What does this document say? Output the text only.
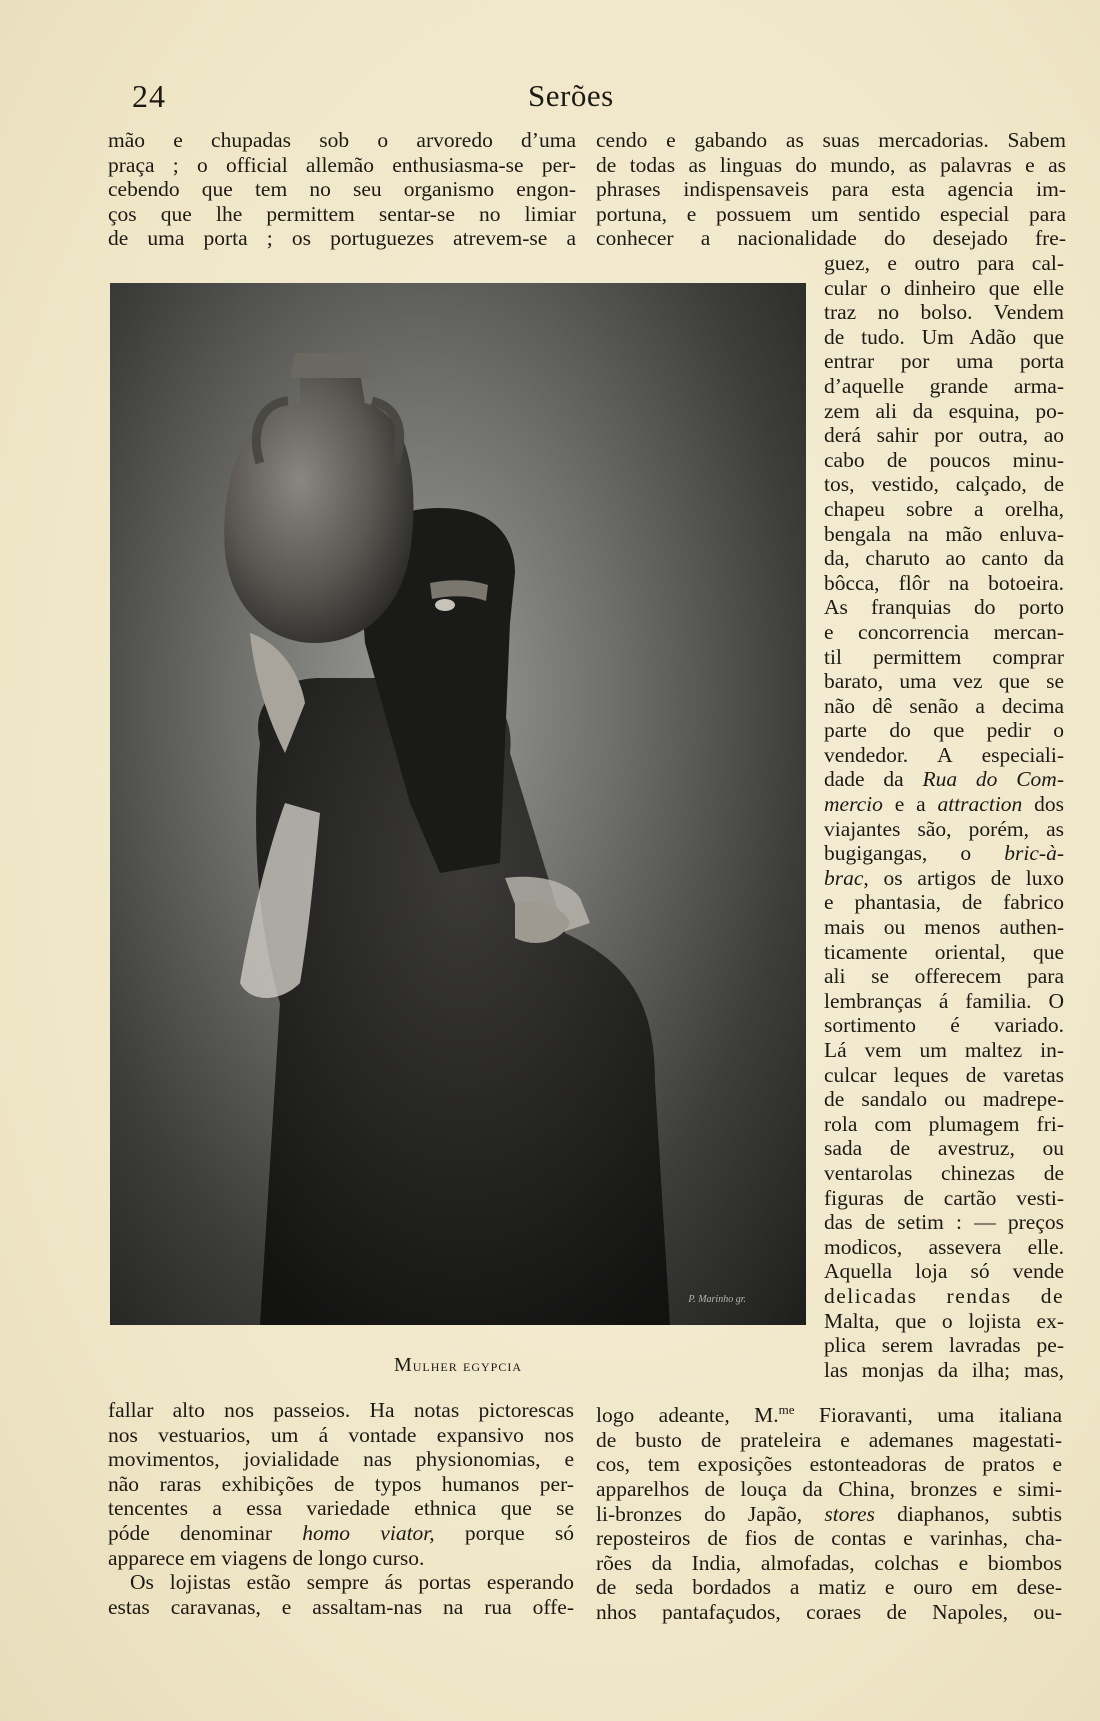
24	Serões
mão e chupadas sob o arvoredo d’uma
praça ; o official allemão enthusiasma-se per-
cebendo que tem no seu organismo engon-
ços que lhe permittem sentar-se no limiar
de uma porta ; os portuguezes atrevem-se a
cendo e gabando as suas mercadorias. Sabem
de todas as linguas do mundo, as palavras e as
phrases indispensaveis para esta agencia im-
portuna, e possuem um sentido especial para
conhecer a nacionalidade do desejado fre-
guez, e outro para cal-
cular o dinheiro que elle
traz no bolso. Vendem
de tudo. Um Adão que
entrar por uma porta
d’aquelle grande arma-
zem ali da esquina, po-
derá sahir por outra, ao
cabo de poucos minu-
tos, vestido, calçado, de
chapeu sobre a orelha,
bengala na mão enluva-
da, charuto ao canto da
bôcca, flôr na botoeira.
As franquias do porto
e concorrencia mercan-
til permittem comprar
barato, uma vez que se
não dê senão a decima
parte do que pedir o
vendedor. A especiali-
dade da Rua do Com-
mercio e a attraction dos
viajantes são, porém, as
bugigangas, o bric-à-
brac, os artigos de luxo
e phantasia, de fabrico
mais ou menos authen-
ticamente oriental, que
ali se offerecem para
lembranças á familia. O
sortimento é variado.
Lá vem um maltez in-
culcar leques de varetas
de sandalo ou madrepe-
rola com plumagem fri-
sada de avestruz, ou
ventarolas chinezas de
figuras de cartão vesti-
das de setim : — preços
modicos, assevera elle.
Aquella loja só vende
delicadas rendas de
Malta, que o lojista ex-
plica serem lavradas pe-
las monjas da ilha; mas,
P. Marinho gr.
Mulher egypcia
fallar alto nos passeios. Ha notas pictorescas
nos vestuarios, um á vontade expansivo nos
movimentos, jovialidade nas physionomias, e
não raras exhibições de typos humanos per-
tencentes a essa variedade ethnica que se
póde denominar homo viator, porque só
apparece em viagens de longo curso.
Os lojistas estão sempre ás portas esperando
estas caravanas, e assaltam-nas na rua offe-
logo adeante, M.$^{me}$ Fioravanti, uma italiana
de busto de prateleira e ademanes magestati-
cos, tem exposições estonteadoras de pratos e
apparelhos de louça da China, bronzes e simi-
li-bronzes do Japão, stores diaphanos, subtis
reposteiros de fios de contas e varinhas, cha-
rões da India, almofadas, colchas e biombos
de seda bordados a matiz e ouro em dese-
nhos pantafaçudos, coraes de Napoles, ou-
